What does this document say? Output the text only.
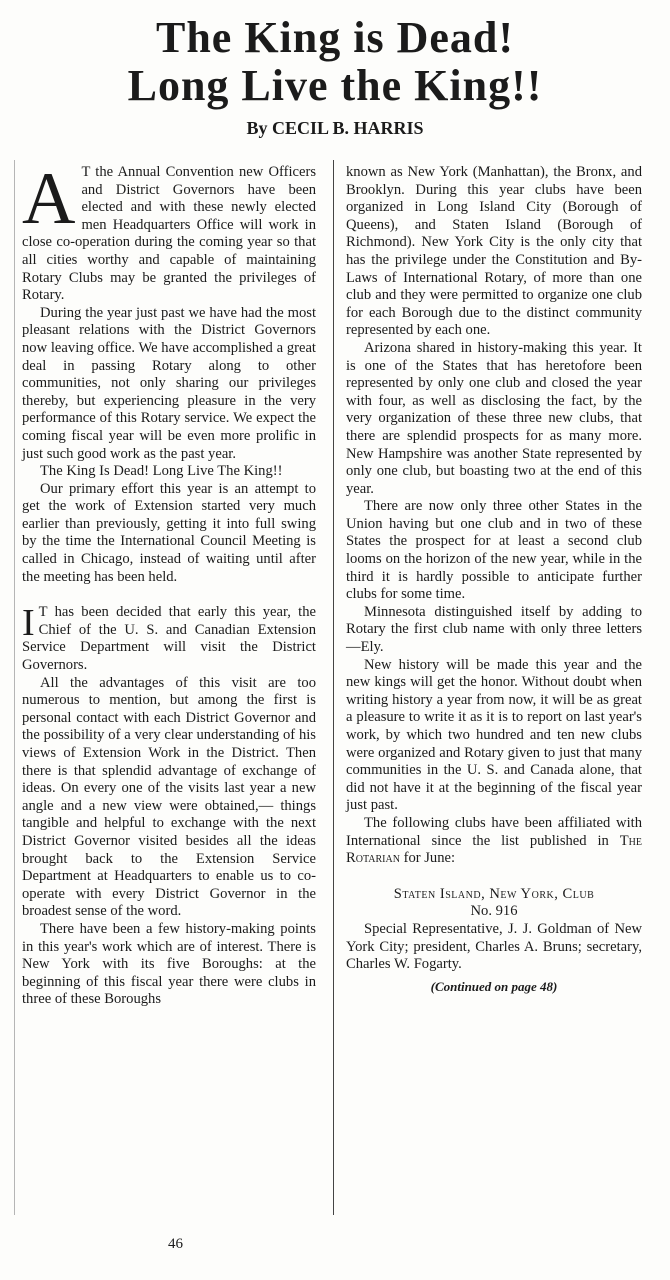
The King is Dead!
Long Live the King!!
By CECIL B. HARRIS

A T the Annual Convention new Officers and District Governors have been elected and with these newly elected men Headquarters Office will work in close co-operation during the coming year so that all cities worthy and capable of maintaining Rotary Clubs may be granted the privileges of Rotary.

During the year just past we have had the most pleasant relations with the District Governors now leaving office. We have accomplished a great deal in passing Rotary along to other communities, not only sharing our privileges thereby, but experiencing pleasure in the very performance of this Rotary service. We expect the coming fiscal year will be even more prolific in just such good work as the past year.

The King Is Dead! Long Live The King!!

Our primary effort this year is an attempt to get the work of Extension started very much earlier than previously, getting it into full swing by the time the International Council Meeting is called in Chicago, instead of waiting until after the meeting has been held.

I T has been decided that early this year, the Chief of the U. S. and Canadian Extension Service Department will visit the District Governors.

All the advantages of this visit are too numerous to mention, but among the first is personal contact with each District Governor and the possibility of a very clear understanding of his views of Extension Work in the District. Then there is that splendid advantage of exchange of ideas. On every one of the visits last year a new angle and a new view were obtained,— things tangible and helpful to exchange with the next District Governor visited besides all the ideas brought back to the Extension Service Department at Headquarters to enable us to co-operate with every District Governor in the broadest sense of the word.

There have been a few history-making points in this year's work which are of interest. There is New York with its five Boroughs: at the beginning of this fiscal year there were clubs in three of these Boroughs

known as New York (Manhattan), the Bronx, and Brooklyn. During this year clubs have been organized in Long Island City (Borough of Queens), and Staten Island (Borough of Richmond). New York City is the only city that has the privilege under the Constitution and By-Laws of International Rotary, of more than one club and they were permitted to organize one club for each Borough due to the distinct community represented by each one.

Arizona shared in history-making this year. It is one of the States that has heretofore been represented by only one club and closed the year with four, as well as disclosing the fact, by the very organization of these three new clubs, that there are splendid prospects for as many more. New Hampshire was another State represented by only one club, but boasting two at the end of this year.

There are now only three other States in the Union having but one club and in two of these States the prospect for at least a second club looms on the horizon of the new year, while in the third it is hardly possible to anticipate further clubs for some time.

Minnesota distinguished itself by adding to Rotary the first club name with only three letters—Ely.

New history will be made this year and the new kings will get the honor. Without doubt when writing history a year from now, it will be as great a pleasure to write it as it is to report on last year's work, by which two hundred and ten new clubs were organized and Rotary given to just that many communities in the U. S. and Canada alone, that did not have it at the beginning of the fiscal year just past.

The following clubs have been affiliated with International since the list published in The Rotarian for June:

Staten Island, New York, Club

No. 916

Special Representative, J. J. Goldman of New York City; president, Charles A. Bruns; secretary, Charles W. Fogarty.

(Continued on page 48)

46
